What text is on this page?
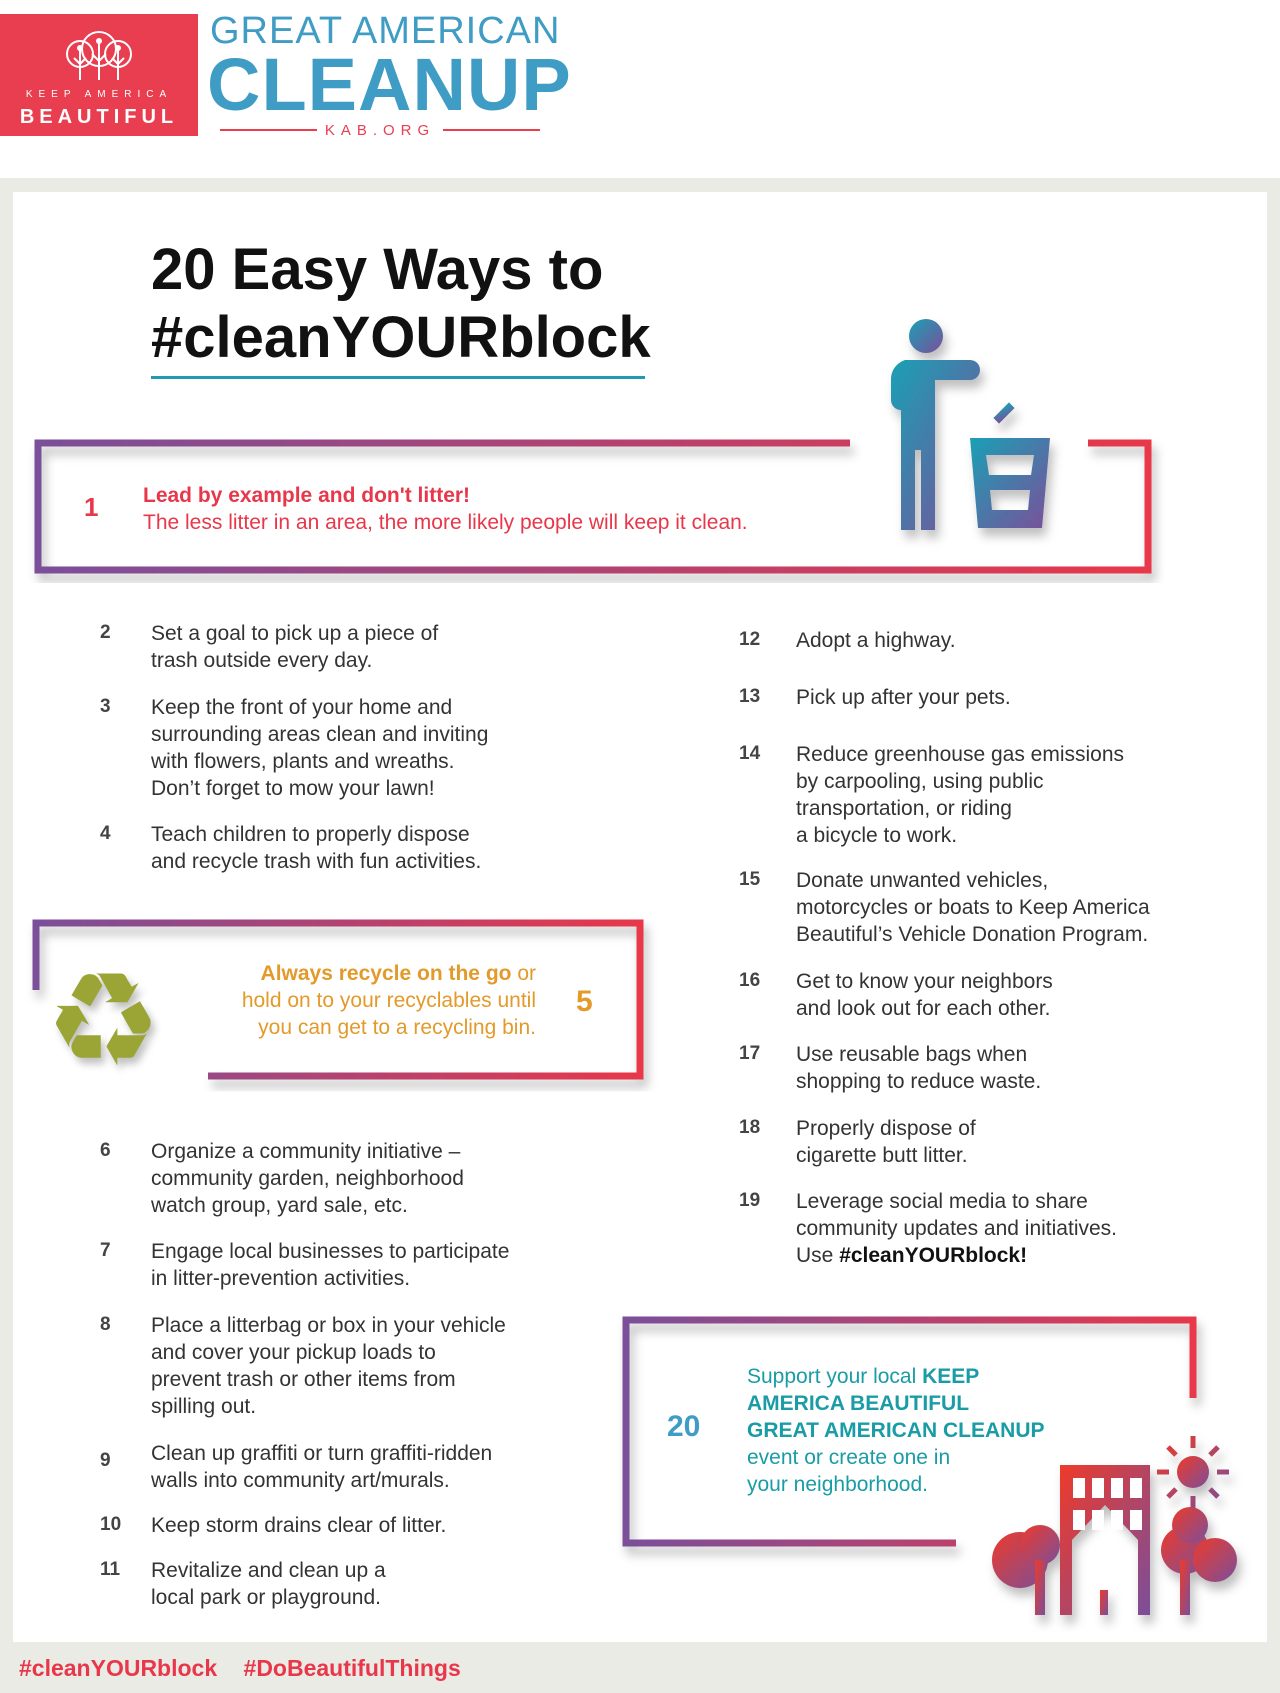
KEEP AMERICA
BEAUTIFUL
GREAT AMERICAN
CLEANUP
KAB.ORG
20 Easy Ways to
#cleanYOURblock
1 Lead by example and don't litter!
The less litter in an area, the more likely people will keep it clean.
♻	Always recycle on the go or
hold on to your recyclables until
you can get to a recycling bin.
5
20
Support your local KEEP
AMERICA BEAUTIFUL
GREAT AMERICAN CLEANUP
event or create one in
your neighborhood.
#cleanYOURblock #DoBeautifulThings
2 Set a goal to pick up a piece of
trash outside every day.
3 Keep the front of your home and
surrounding areas clean and inviting
with flowers, plants and wreaths.
Don’t forget to mow your lawn!
4 Teach children to properly dispose
and recycle trash with fun activities.
6 Organize a community initiative –
community garden, neighborhood
watch group, yard sale, etc.
7 Engage local businesses to participate
in litter-prevention activities.
8 Place a litterbag or box in your vehicle
and cover your pickup loads to
prevent trash or other items from
spilling out.
9 Clean up graffiti or turn graffiti-ridden
walls into community art/murals.
10 Keep storm drains clear of litter.
11 Revitalize and clean up a
local park or playground.
12 Adopt a highway.
13 Pick up after your pets.
14 Reduce greenhouse gas emissions
by carpooling, using public
transportation, or riding
a bicycle to work.
15 Donate unwanted vehicles,
motorcycles or boats to Keep America
Beautiful’s Vehicle Donation Program.
16 Get to know your neighbors
and look out for each other.
17 Use reusable bags when
shopping to reduce waste.
18 Properly dispose of
cigarette butt litter.
19 Leverage social media to share
community updates and initiatives.
Use #cleanYOURblock!
